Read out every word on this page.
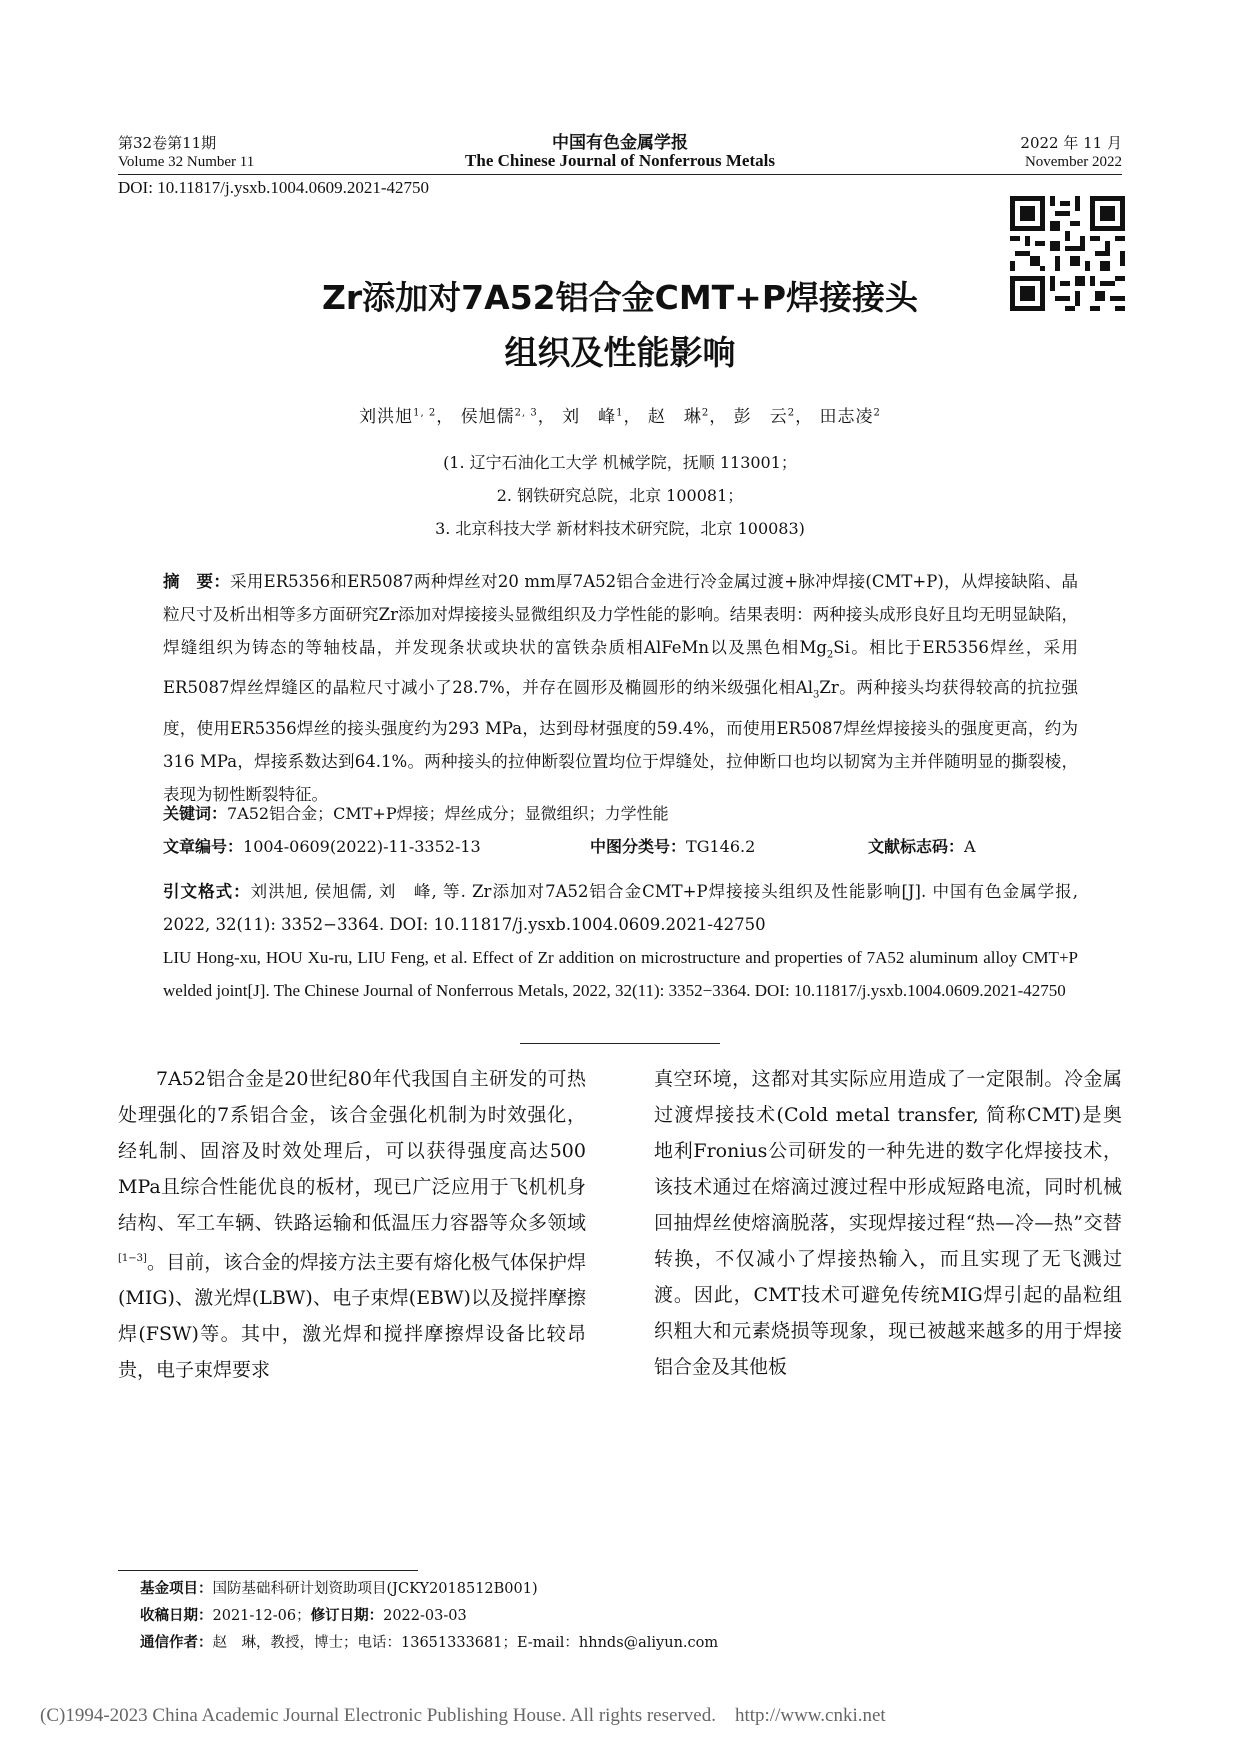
第32卷第11期
Volume 32 Number 11
中国有色金属学报
The Chinese Journal of Nonferrous Metals
2022 年 11 月
November 2022
DOI: 10.11817/j.ysxb.1004.0609.2021-42750
Zr添加对7A52铝合金CMT+P焊接接头
组织及性能影响
刘洪旭$^{1, 2}$， 侯旭儒$^{2, 3}$， 刘　峰$^1$， 赵　琳$^2$， 彭　云$^2$， 田志凌$^2$
(1. 辽宁石油化工大学 机械学院，抚顺 113001；
2. 钢铁研究总院，北京 100081；
3. 北京科技大学 新材料技术研究院，北京 100083)
摘　要：采用ER5356和ER5087两种焊丝对20 mm厚7A52铝合金进行冷金属过渡+脉冲焊接(CMT+P)，从焊接缺陷、晶粒尺寸及析出相等多方面研究Zr添加对焊接接头显微组织及力学性能的影响。结果表明：两种接头成形良好且均无明显缺陷，焊缝组织为铸态的等轴枝晶，并发现条状或块状的富铁杂质相AlFeMn以及黑色相$Mg_2Si$。相比于ER5356焊丝，采用ER5087焊丝焊缝区的晶粒尺寸减小了28.7%，并存在圆形及椭圆形的纳米级强化相$Al_3Zr$。两种接头均获得较高的抗拉强度，使用ER5356焊丝的接头强度约为293 MPa，达到母材强度的59.4%，而使用ER5087焊丝焊接接头的强度更高，约为316 MPa，焊接系数达到64.1%。两种接头的拉伸断裂位置均位于焊缝处，拉伸断口也均以韧窝为主并伴随明显的撕裂棱，表现为韧性断裂特征。
关键词：7A52铝合金；CMT+P焊接；焊丝成分；显微组织；力学性能
文章编号：1004-0609(2022)-11-3352-13	中图分类号：TG146.2	文献标志码：A
引文格式：刘洪旭, 侯旭儒, 刘　峰, 等. Zr添加对7A52铝合金CMT+P焊接接头组织及性能影响[J]. 中国有色金属学报, 2022, 32(11): 3352−3364. DOI: 10.11817/j.ysxb.1004.0609.2021-42750
LIU Hong-xu, HOU Xu-ru, LIU Feng, et al. Effect of Zr addition on microstructure and properties of 7A52 aluminum alloy CMT+P welded joint[J]. The Chinese Journal of Nonferrous Metals, 2022, 32(11): 3352−3364. DOI: 10.11817/j.ysxb.1004.0609.2021-42750
7A52铝合金是20世纪80年代我国自主研发的可热处理强化的7系铝合金，该合金强化机制为时效强化，经轧制、固溶及时效处理后，可以获得强度高达500 MPa且综合性能优良的板材，现已广泛应用于飞机机身结构、军工车辆、铁路运输和低温压力容器等众多领域[1−3]。目前，该合金的焊接方法主要有熔化极气体保护焊(MIG)、激光焊(LBW)、电子束焊(EBW)以及搅拌摩擦焊(FSW)等。其中，激光焊和搅拌摩擦焊设备比较昂贵，电子束焊要求
真空环境，这都对其实际应用造成了一定限制。冷金属过渡焊接技术(Cold metal transfer, 简称CMT)是奥地利Fronius公司研发的一种先进的数字化焊接技术，该技术通过在熔滴过渡过程中形成短路电流，同时机械回抽焊丝使熔滴脱落，实现焊接过程“热—冷—热”交替转换，不仅减小了焊接热输入，而且实现了无飞溅过渡。因此，CMT技术可避免传统MIG焊引起的晶粒组织粗大和元素烧损等现象，现已被越来越多的用于焊接铝合金及其他板
基金项目：国防基础科研计划资助项目(JCKY2018512B001)
收稿日期：2021-12-06；修订日期：2022-03-03
通信作者：赵　琳，教授，博士；电话：13651333681；E-mail：hhnds@aliyun.com
(C)1994-2023 China Academic Journal Electronic Publishing House. All rights reserved.    http://www.cnki.net
